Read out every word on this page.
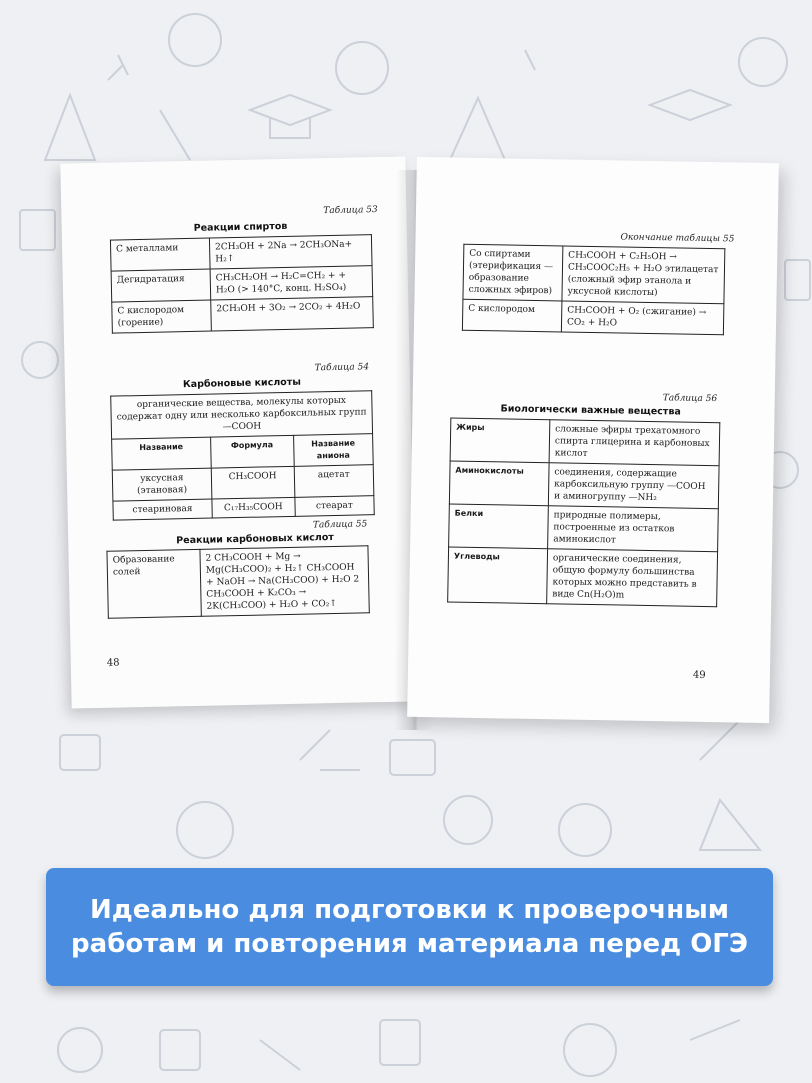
Таблица 53
Реакции спиртов
С металлами	2CH₃OH + 2Na → 2CH₃ONa+ H₂↑
Дегидратация	CH₃CH₂OH → H₂C=CH₂ + + H₂O (> 140°C, конц. H₂SO₄)
С кислородом (горение)	2CH₃OH + 3O₂ → 2CO₂ + 4H₂O
Таблица 54
Карбоновые кислоты
органические вещества, молекулы которых содержат одну или несколько карбоксильных групп —COOH		
Название	Формула	Название аниона
уксусная (этановая)	CH₃COOH	ацетат
стеариновая	C₁₇H₃₅COOH	стеарат
Таблица 55
Реакции карбоновых кислот
Образование солей	2 CH₃COOH + Mg → Mg(CH₃COO)₂ + H₂↑ CH₃COOH + NaOH → Na(CH₃COO) + H₂O 2 CH₃COOH + K₂CO₃ → 2K(CH₃COO) + H₂O + CO₂↑
48
Окончание таблицы 55
Со спиртами (этерификация — образование сложных эфиров)	CH₃COOH + C₂H₅OH → CH₃COOC₂H₅ + H₂O этилацетат (сложный эфир этанола и уксусной кислоты)
С кислородом	CH₃COOH + O₂ (сжигание) → CO₂ + H₂O
Таблица 56
Биологически важные вещества
Жиры	сложные эфиры трехатомного спирта глицерина и карбоновых кислот
Аминокислоты	соединения, содержащие карбоксильную группу —COOH и аминогруппу —NH₂
Белки	природные полимеры, построенные из остатков аминокислот
Углеводы	органические соединения, общую формулу большинства которых можно представить в виде Cn(H₂O)m
49
Идеально для подготовки к проверочным работам и повторения материала перед ОГЭ
